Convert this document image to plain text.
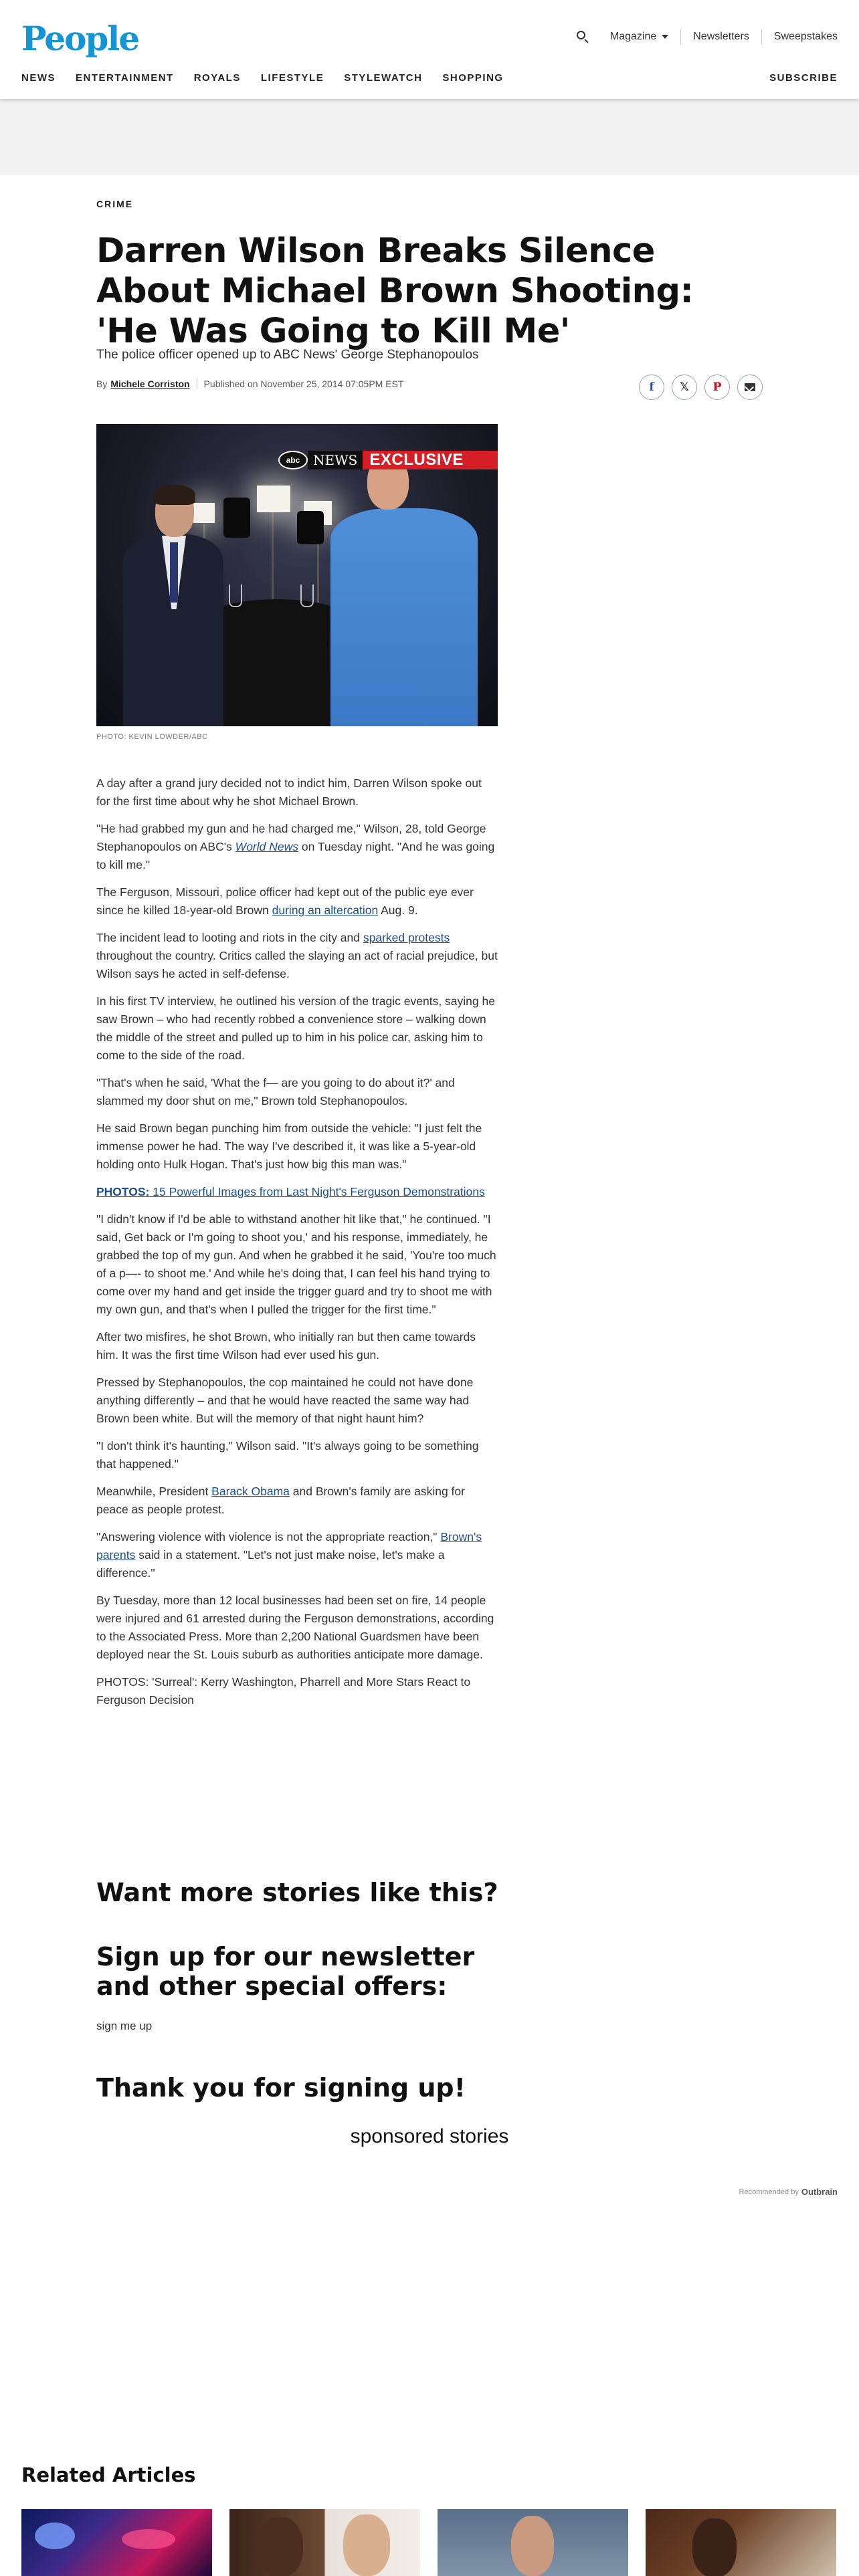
People	Magazine	Newsletters Sweepstakes
NEWS ENTERTAINMENT ROYALS LIFESTYLE STYLEWATCH SHOPPING	SUBSCRIBE
CRIME
Darren Wilson Breaks Silence About Michael Brown Shooting: 'He Was Going to Kill Me'
The police officer opened up to ABC News' George Stephanopoulos
By Michele Corriston Published on November 25, 2014 07:05PM EST	f	𝕏	P
abc NEWS EXCLUSIVE
PHOTO: KEVIN LOWDER/ABC

A day after a grand jury decided not to indict him, Darren Wilson spoke out for the first time about why he shot Michael Brown.

"He had grabbed my gun and he had charged me," Wilson, 28, told George Stephanopoulos on ABC's World News on Tuesday night. "And he was going to kill me."

The Ferguson, Missouri, police officer had kept out of the public eye ever since he killed 18-year-old Brown during an altercation Aug. 9.

The incident lead to looting and riots in the city and sparked protests throughout the country. Critics called the slaying an act of racial prejudice, but Wilson says he acted in self-defense.

In his first TV interview, he outlined his version of the tragic events, saying he saw Brown – who had recently robbed a convenience store – walking down the middle of the street and pulled up to him in his police car, asking him to come to the side of the road.

"That's when he said, 'What the f— are you going to do about it?' and slammed my door shut on me," Brown told Stephanopoulos.

He said Brown began punching him from outside the vehicle: "I just felt the immense power he had. The way I've described it, it was like a 5-year-old holding onto Hulk Hogan. That's just how big this man was."

PHOTOS: 15 Powerful Images from Last Night's Ferguson Demonstrations

"I didn't know if I'd be able to withstand another hit like that," he continued. "I said, Get back or I'm going to shoot you,' and his response, immediately, he grabbed the top of my gun. And when he grabbed it he said, 'You're too much of a p—- to shoot me.' And while he's doing that, I can feel his hand trying to come over my hand and get inside the trigger guard and try to shoot me with my own gun, and that's when I pulled the trigger for the first time."

After two misfires, he shot Brown, who initially ran but then came towards him. It was the first time Wilson had ever used his gun.

Pressed by Stephanopoulos, the cop maintained he could not have done anything differently – and that he would have reacted the same way had Brown been white. But will the memory of that night haunt him?

"I don't think it's haunting," Wilson said. "It's always going to be something that happened."

Meanwhile, President Barack Obama and Brown's family are asking for peace as people protest.

"Answering violence with violence is not the appropriate reaction," Brown's parents said in a statement. "Let's not just make noise, let's make a difference."

By Tuesday, more than 12 local businesses had been set on fire, 14 people were injured and 61 arrested during the Ferguson demonstrations, according to the Associated Press. More than 2,200 National Guardsmen have been deployed near the St. Louis suburb as authorities anticipate more damage.

PHOTOS: 'Surreal': Kerry Washington, Pharrell and More Stars React to Ferguson Decision

Want more stories like this?
Sign up for our newsletter and other special offers:
sign me up
Thank you for signing up!
sponsored stories
Recommended by Outbrain
Related Articles
